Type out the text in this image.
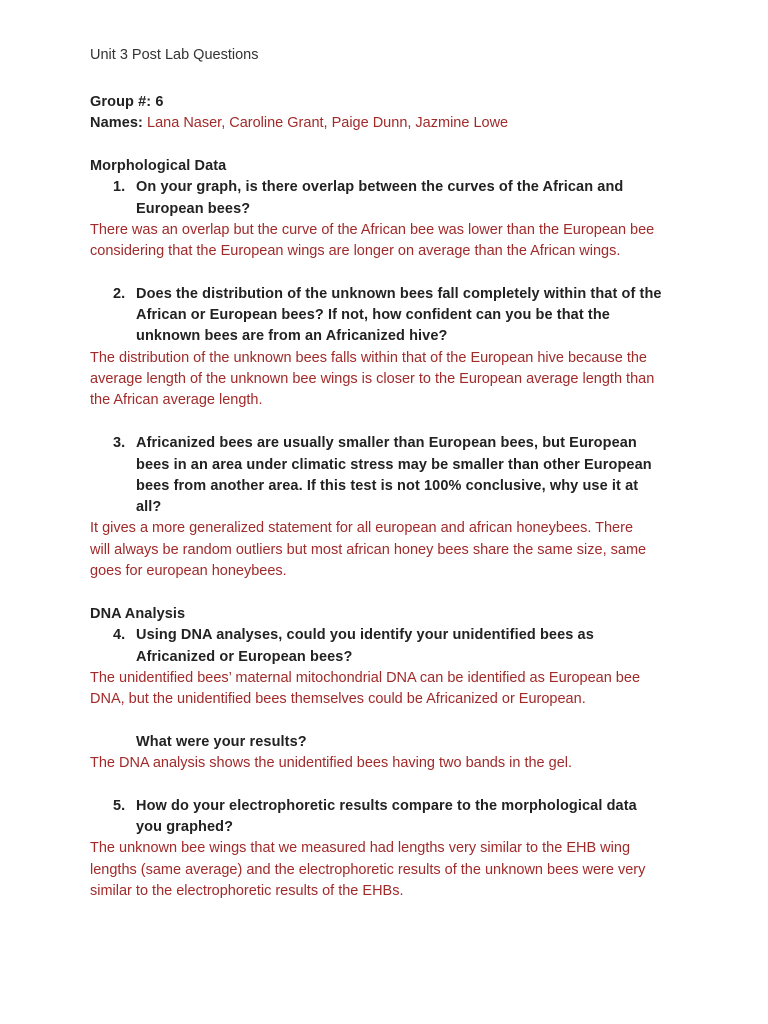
Unit 3 Post Lab Questions
Group #: 6
Names: Lana Naser, Caroline Grant, Paige Dunn, Jazmine Lowe
Morphological Data
1. On your graph, is there overlap between the curves of the African and
European bees?
There was an overlap but the curve of the African bee was lower than the European bee
considering that the European wings are longer on average than the African wings.
2. Does the distribution of the unknown bees fall completely within that of the
African or European bees? If not, how confident can you be that the
unknown bees are from an Africanized hive?
The distribution of the unknown bees falls within that of the European hive because the
average length of the unknown bee wings is closer to the European average length than
the African average length.
3. Africanized bees are usually smaller than European bees, but European
bees in an area under climatic stress may be smaller than other European
bees from another area. If this test is not 100% conclusive, why use it at
all?
It gives a more generalized statement for all european and african honeybees. There
will always be random outliers but most african honey bees share the same size, same
goes for european honeybees.
DNA Analysis
4. Using DNA analyses, could you identify your unidentified bees as
Africanized or European bees?
The unidentified bees’ maternal mitochondrial DNA can be identified as European bee
DNA, but the unidentified bees themselves could be Africanized or European.
What were your results?
The DNA analysis shows the unidentified bees having two bands in the gel.
5. How do your electrophoretic results compare to the morphological data
you graphed?
The unknown bee wings that we measured had lengths very similar to the EHB wing
lengths (same average) and the electrophoretic results of the unknown bees were very
similar to the electrophoretic results of the EHBs.
